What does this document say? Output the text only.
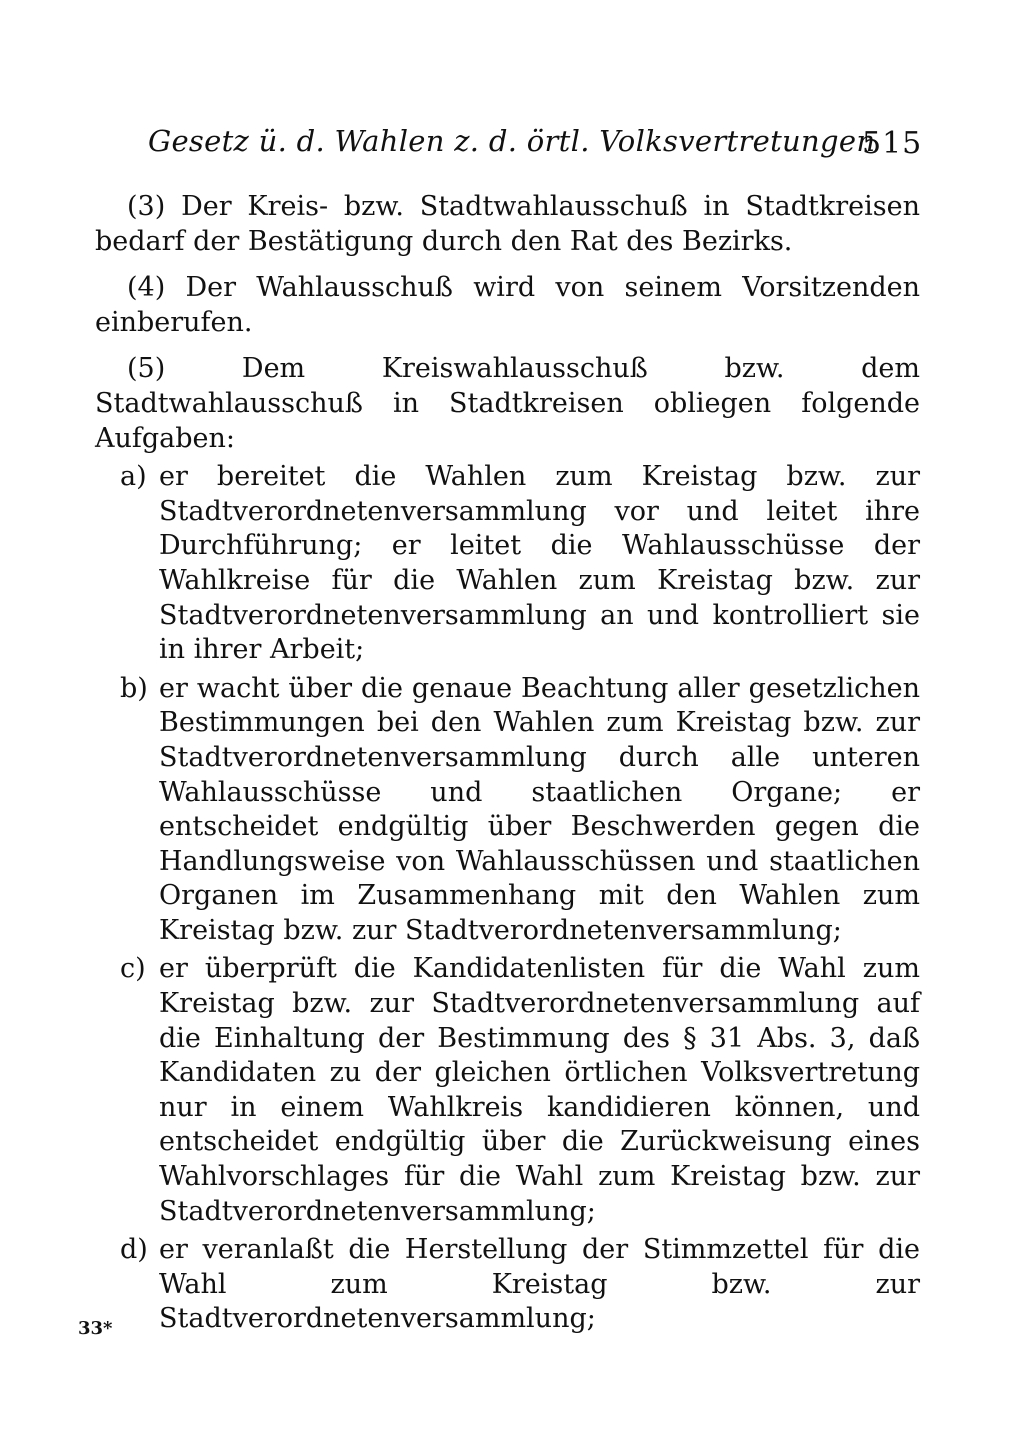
Gesetz ü. d. Wahlen z. d. örtl. Volksvertretungen
515

(3) Der Kreis- bzw. Stadtwahlausschuß in Stadtkreisen bedarf der Bestätigung durch den Rat des Bezirks.

(4) Der Wahlausschuß wird von seinem Vorsitzenden einberufen.

(5) Dem Kreiswahlausschuß bzw. dem Stadtwahlausschuß in Stadtkreisen obliegen folgende Aufgaben:

a) er bereitet die Wahlen zum Kreistag bzw. zur Stadtverordnetenversammlung vor und leitet ihre Durchführung; er leitet die Wahlausschüsse der Wahlkreise für die Wahlen zum Kreistag bzw. zur Stadtverordnetenversammlung an und kontrolliert sie in ihrer Arbeit;
b) er wacht über die genaue Beachtung aller gesetzlichen Bestimmungen bei den Wahlen zum Kreistag bzw. zur Stadtverordnetenversammlung durch alle unteren Wahlausschüsse und staatlichen Organe; er entscheidet endgültig über Beschwerden gegen die Handlungsweise von Wahlausschüssen und staatlichen Organen im Zusammenhang mit den Wahlen zum Kreistag bzw. zur Stadtverordnetenversammlung;
c) er überprüft die Kandidatenlisten für die Wahl zum Kreistag bzw. zur Stadtverordnetenversammlung auf die Einhaltung der Bestimmung des § 31 Abs. 3, daß Kandidaten zu der gleichen örtlichen Volksvertretung nur in einem Wahlkreis kandidieren können, und entscheidet endgültig über die Zurückweisung eines Wahlvorschlages für die Wahl zum Kreistag bzw. zur Stadtverordnetenversammlung;
d) er veranlaßt die Herstellung der Stimmzettel für die Wahl zum Kreistag bzw. zur Stadtverordnetenversammlung;
33*
